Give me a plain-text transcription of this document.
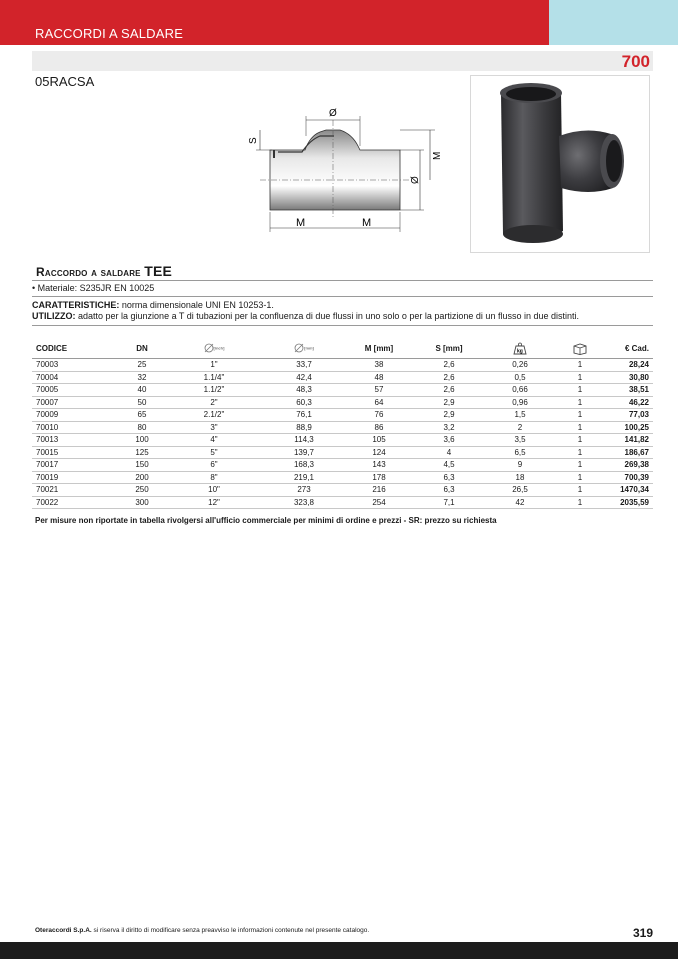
RACCORDI A SALDARE
700
05RACSA
Ø
S
M
Ø
M	M
Raccordo a saldare TEE
• Materiale: S235JR EN 10025
CARATTERISTICHE: norma dimensionale UNI EN 10253-1.
UTILIZZO: adatto per la giunzione a T di tubazioni per la confluenza di due flussi in uno solo o per la partizione di un flusso in due distinti.
CODICE	DN	[inch]	[mm]	M [mm]	S [mm]	kg		€ Cad.
70003	25	1"	33,7	38	2,6	0,26	1	28,24
70004	32	1.1/4"	42,4	48	2,6	0,5	1	30,80
70005	40	1.1/2"	48,3	57	2,6	0,66	1	38,51
70007	50	2"	60,3	64	2,9	0,96	1	46,22
70009	65	2.1/2"	76,1	76	2,9	1,5	1	77,03
70010	80	3"	88,9	86	3,2	2	1	100,25
70013	100	4"	114,3	105	3,6	3,5	1	141,82
70015	125	5"	139,7	124	4	6,5	1	186,67
70017	150	6"	168,3	143	4,5	9	1	269,38
70019	200	8"	219,1	178	6,3	18	1	700,39
70021	250	10"	273	216	6,3	26,5	1	1470,34
70022	300	12"	323,8	254	7,1	42	1	2035,59
Per misure non riportate in tabella rivolgersi all'ufficio commerciale per minimi di ordine e prezzi - SR: prezzo su richiesta
Oteraccordi S.p.A. si riserva il diritto di modificare senza preavviso le informazioni contenute nel presente catalogo.	319
